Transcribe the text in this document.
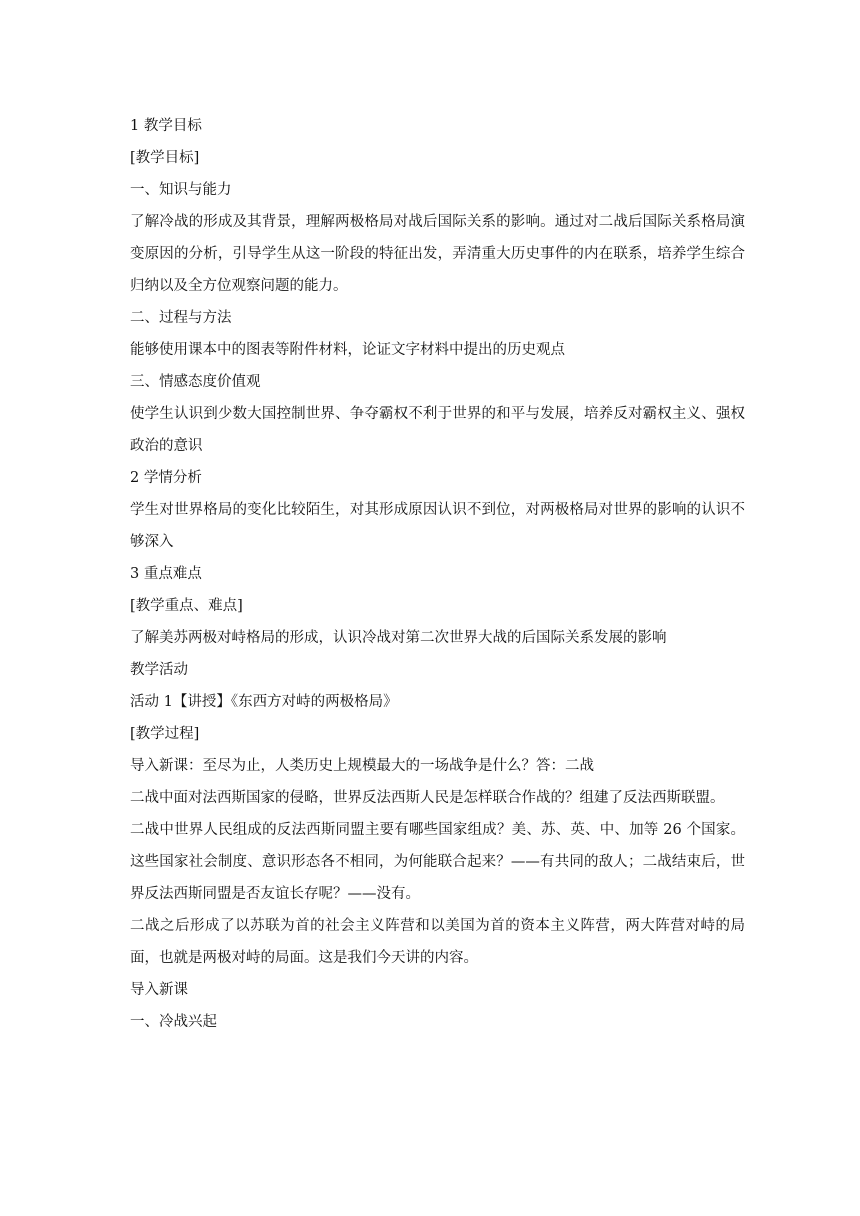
1 教学目标

[教学目标]

一、知识与能力

了解冷战的形成及其背景，理解两极格局对战后国际关系的影响。通过对二战后国际关系格局演变原因的分析，引导学生从这一阶段的特征出发，弄清重大历史事件的内在联系，培养学生综合归纳以及全方位观察问题的能力。

二、过程与方法

能够使用课本中的图表等附件材料，论证文字材料中提出的历史观点

三、情感态度价值观

使学生认识到少数大国控制世界、争夺霸权不利于世界的和平与发展，培养反对霸权主义、强权政治的意识

2 学情分析

学生对世界格局的变化比较陌生，对其形成原因认识不到位，对两极格局对世界的影响的认识不够深入

3 重点难点

[教学重点、难点]

了解美苏两极对峙格局的形成，认识冷战对第二次世界大战的后国际关系发展的影响

教学活动

活动 1【讲授】《东西方对峙的两极格局》

[教学过程]

导入新课：至尽为止，人类历史上规模最大的一场战争是什么？答：二战

二战中面对法西斯国家的侵略，世界反法西斯人民是怎样联合作战的？组建了反法西斯联盟。

二战中世界人民组成的反法西斯同盟主要有哪些国家组成？美、苏、英、中、加等 26 个国家。这些国家社会制度、意识形态各不相同，为何能联合起来？——有共同的敌人；二战结束后，世界反法西斯同盟是否友谊长存呢？——没有。

二战之后形成了以苏联为首的社会主义阵营和以美国为首的资本主义阵营，两大阵营对峙的局面，也就是两极对峙的局面。这是我们今天讲的内容。

导入新课

一、冷战兴起
